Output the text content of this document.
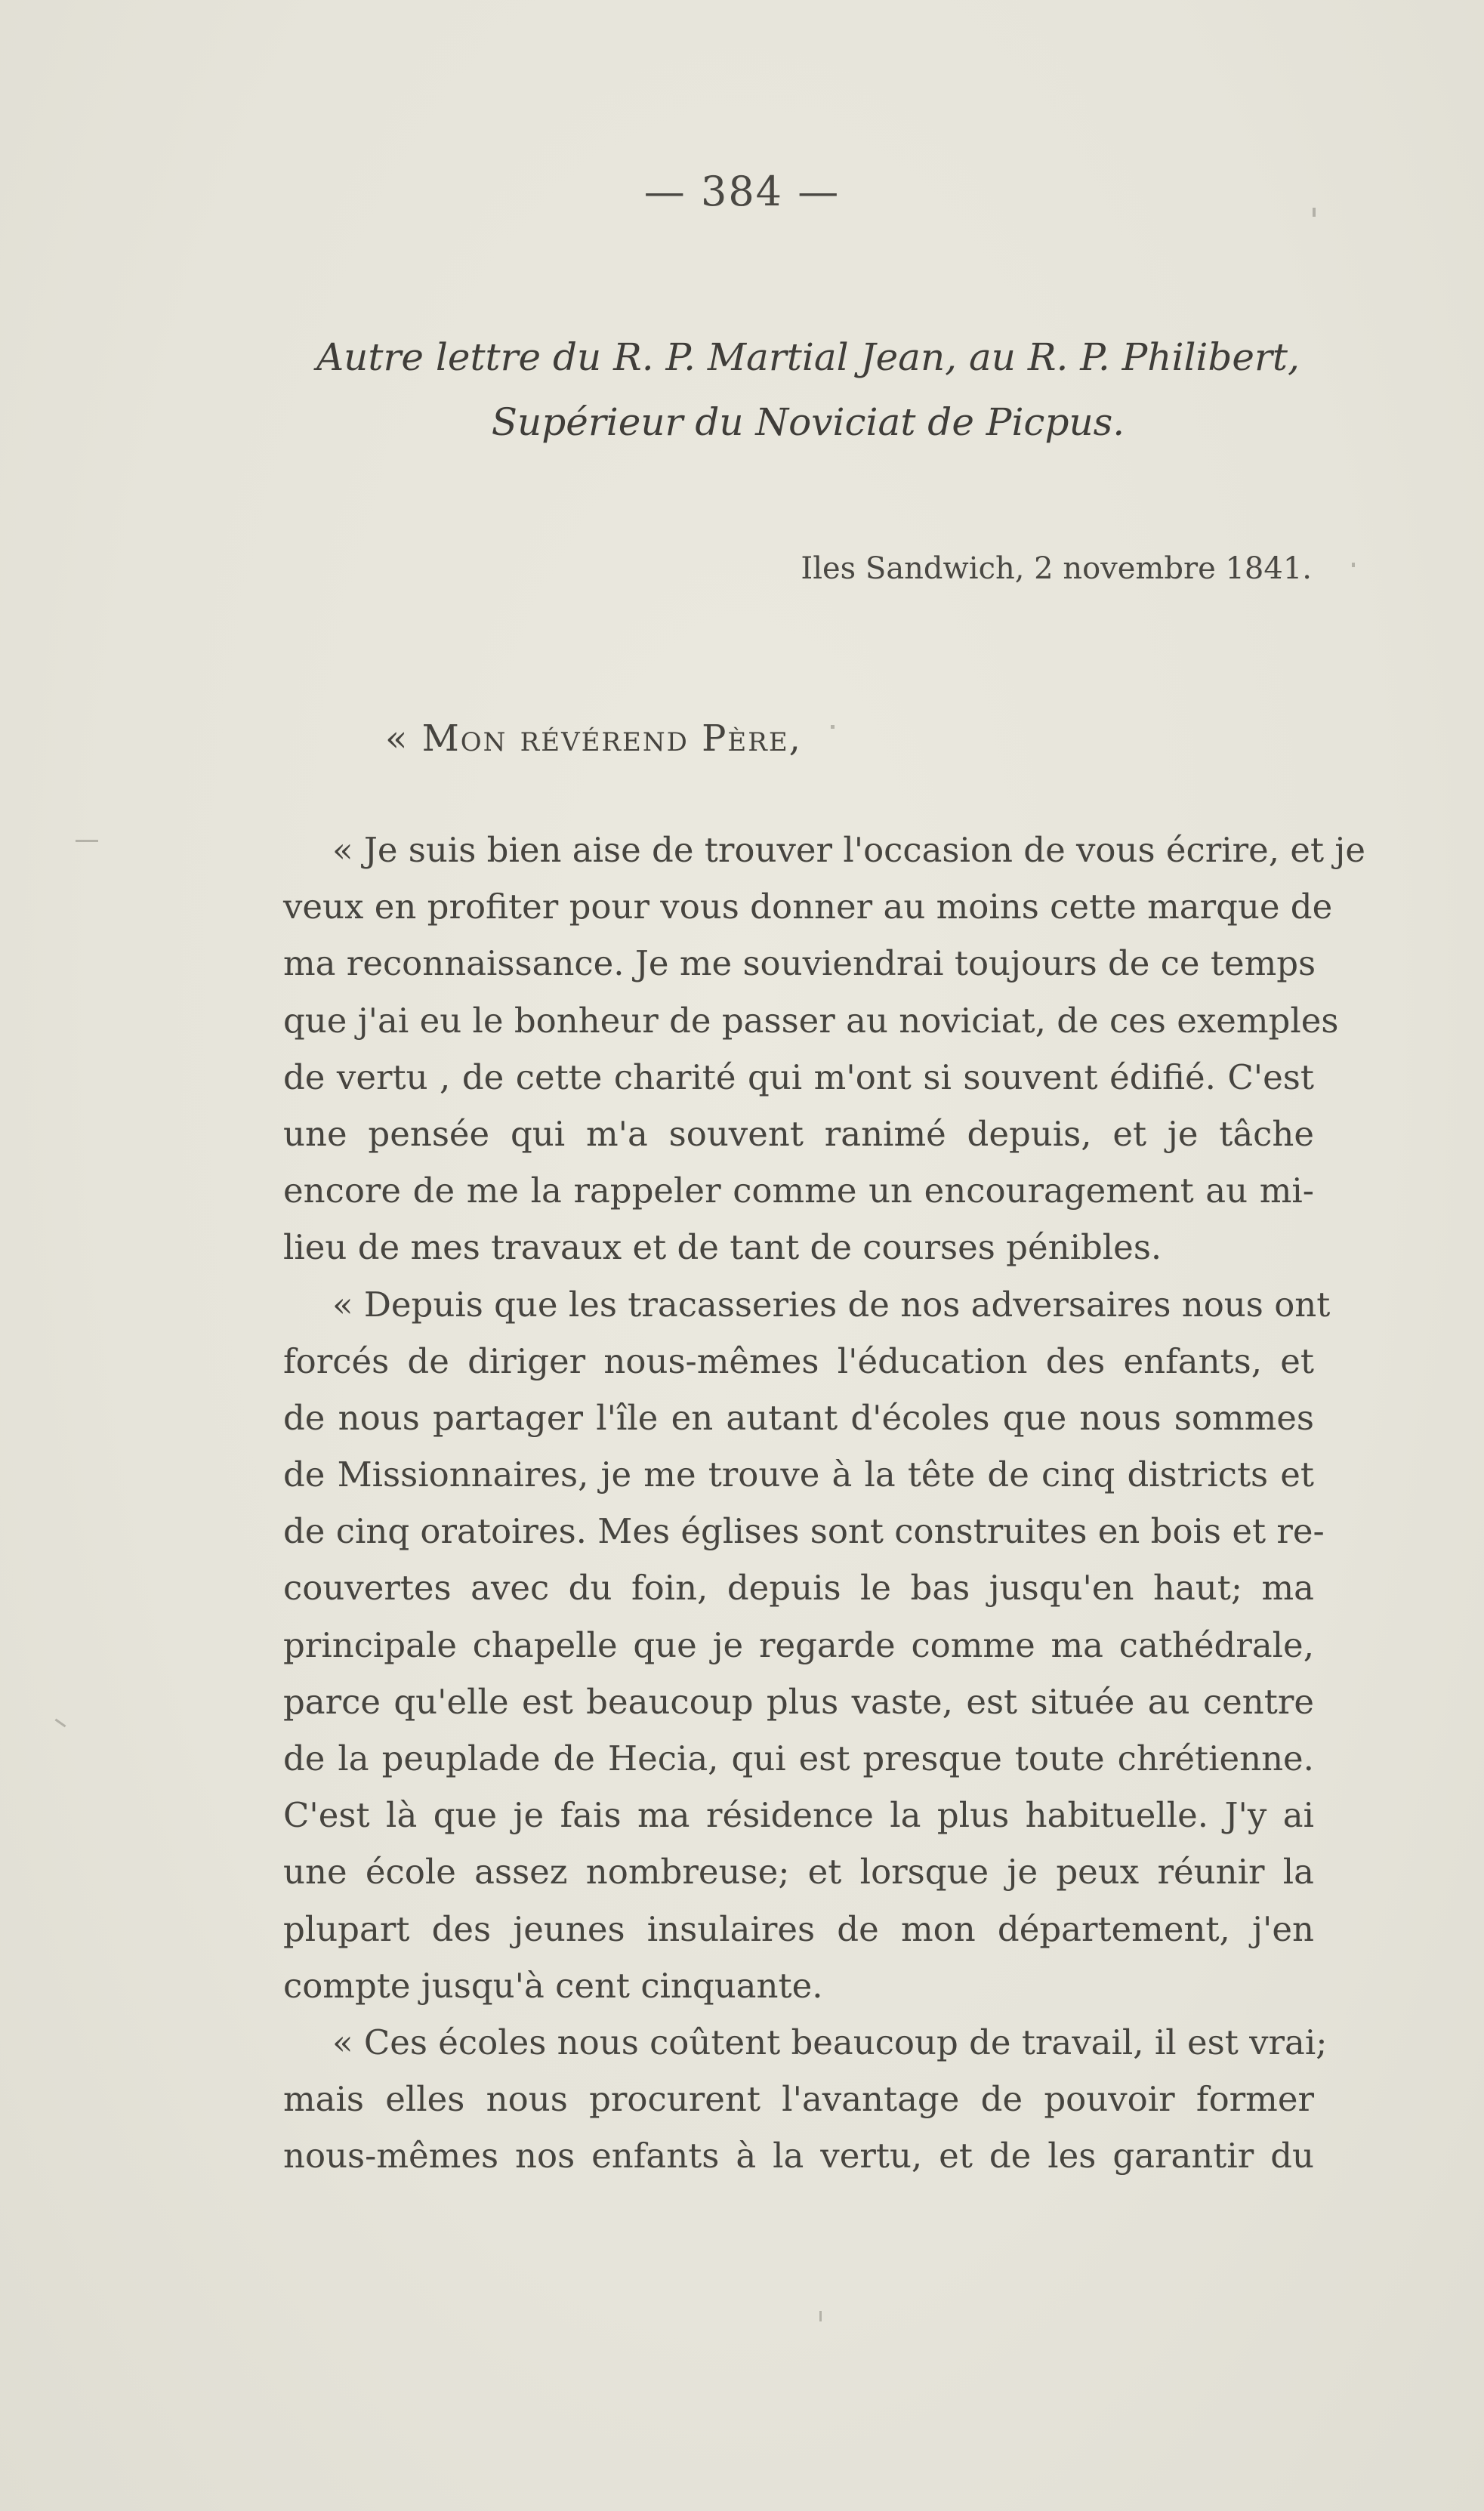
— 384 —
Autre lettre du R. P. Martial Jean, au R. P. Philibert,
Supérieur du Noviciat de Picpus.
Iles Sandwich, 2 novembre 1841.
« Mon révérend Père,
« Je suis bien aise de trouver l'occasion de vous écrire, et je
veux en profiter pour vous donner au moins cette marque de
ma reconnaissance. Je me souviendrai toujours de ce temps
que j'ai eu le bonheur de passer au noviciat, de ces exemples
de vertu , de cette charité qui m'ont si souvent édifié. C'est
une pensée qui m'a souvent ranimé depuis, et je tâche
encore de me la rappeler comme un encouragement au mi-
lieu de mes travaux et de tant de courses pénibles.
« Depuis que les tracasseries de nos adversaires nous ont
forcés de diriger nous-mêmes l'éducation des enfants, et
de nous partager l'île en autant d'écoles que nous sommes
de Missionnaires, je me trouve à la tête de cinq districts et
de cinq oratoires. Mes églises sont construites en bois et re-
couvertes avec du foin, depuis le bas jusqu'en haut; ma
principale chapelle que je regarde comme ma cathédrale,
parce qu'elle est beaucoup plus vaste, est située au centre
de la peuplade de Hecia, qui est presque toute chrétienne.
C'est là que je fais ma résidence la plus habituelle. J'y ai
une école assez nombreuse; et lorsque je peux réunir la
plupart des jeunes insulaires de mon département, j'en
compte jusqu'à cent cinquante.
« Ces écoles nous coûtent beaucoup de travail, il est vrai;
mais elles nous procurent l'avantage de pouvoir former
nous-mêmes nos enfants à la vertu, et de les garantir du
